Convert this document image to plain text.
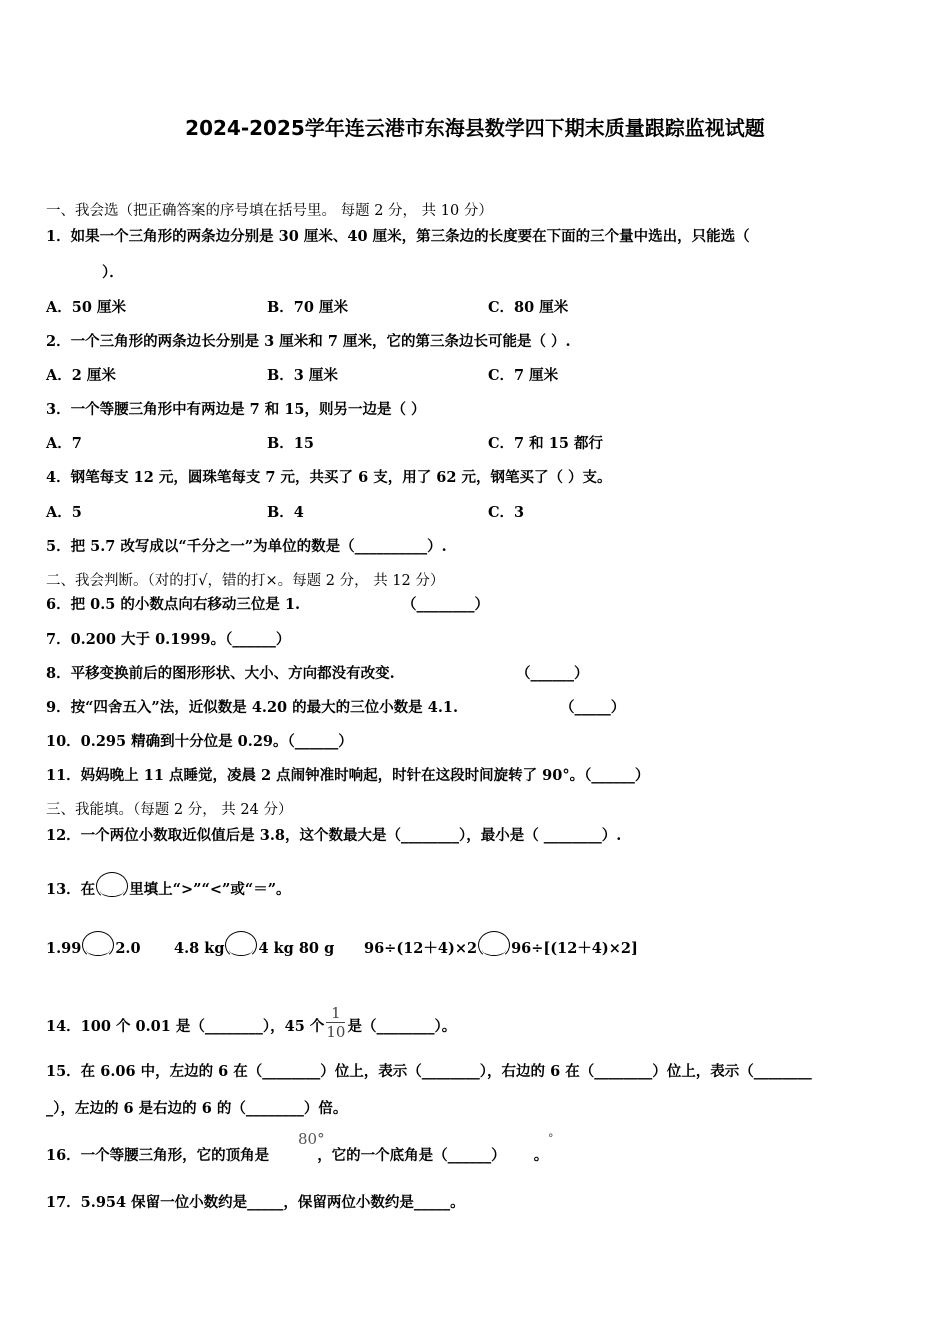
2024-2025学年连云港市东海县数学四下期末质量跟踪监视试题
一、我会选（把正确答案的序号填在括号里。 每题 2 分， 共 10 分）
1．如果一个三角形的两条边分别是 30 厘米、40 厘米，第三条边的长度要在下面的三个量中选出，只能选（
）．
A．50 厘米	B．70 厘米	C．80 厘米
2．一个三角形的两条边长分别是 3 厘米和 7 厘米，它的第三条边长可能是（ ）.
A．2 厘米	B．3 厘米	C．7 厘米
3．一个等腰三角形中有两边是 7 和 15，则另一边是（ ）
A．7	B．15	C．7 和 15 都行
4．钢笔每支 12 元，圆珠笔每支 7 元，共买了 6 支，用了 62 元，钢笔买了（ ）支。
A．5	B．4	C．3
5．把 5.7 改写成以“千分之一”为单位的数是（__________）.
二、我会判断。（对的打√，错的打×。每题 2 分， 共 12 分）
6．把 0.5 的小数点向右移动三位是 1.	（________）
7．0.200 大于 0.1999。（______）
8．平移变换前后的图形形状、大小、方向都没有改变.	（______）
9．按“四舍五入”法，近似数是 4.20 的最大的三位小数是 4.1.	（_____）
10．0.295 精确到十分位是 0.29。（______）
11．妈妈晚上 11 点睡觉，凌晨 2 点闹钟准时响起，时针在这段时间旋转了 90°。（______）
三、我能填。（每题 2 分， 共 24 分）
12．一个两位小数取近似值后是 3.8，这个数最大是（________），最小是（ ________）.
13．在 里填上“>”“<”或“＝”。
1.99 2.0 4.8 kg 4 kg 80 g 96÷(12＋4)×2 96÷[(12＋4)×2]
14．100 个 0.01 是（________），45 个 $\frac{1}{10}$ 是（________）。
15．在 6.06 中，左边的 6 在（________）位上，表示（________），右边的 6 在（________）位上，表示（________
_），左边的 6 是右边的 6 的（________）倍。
16．一个等腰三角形，它的顶角是	，它的一个底角是（______） 。
80°	°
17．5.954 保留一位小数约是_____，保留两位小数约是_____。
